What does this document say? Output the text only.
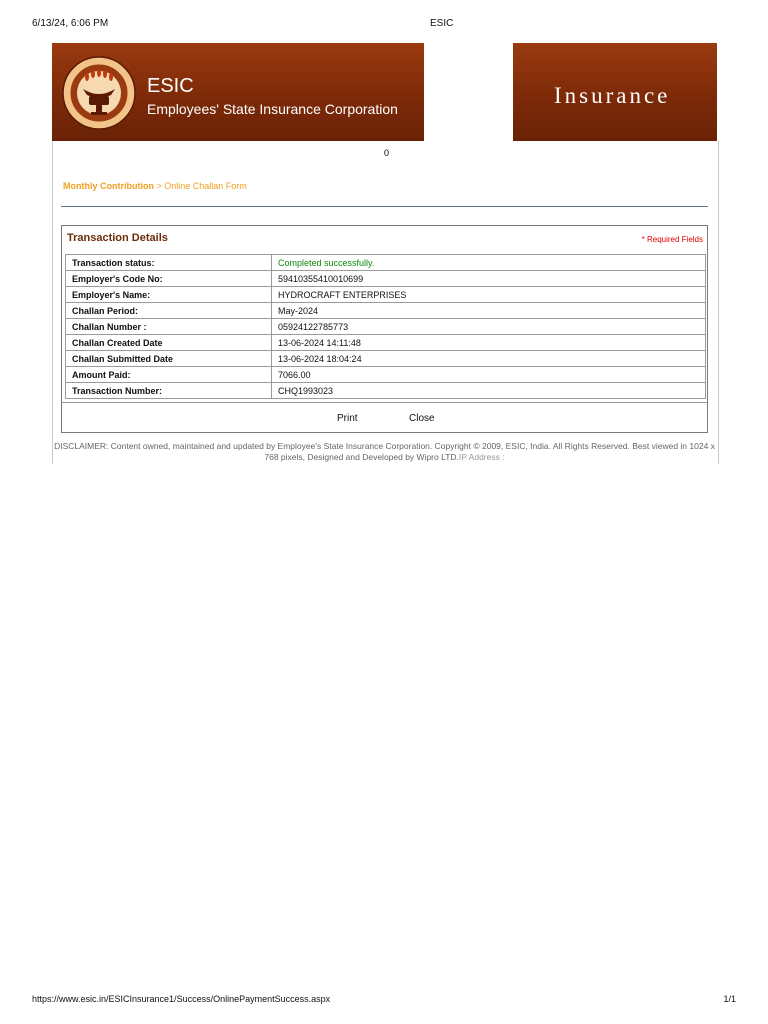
6/13/24, 6:06 PM	ESIC
ESIC
Employees' State Insurance Corporation
Insurance
0
Monthly Contribution > Online Challan Form
Transaction Details	* Required Fields
Transaction status:	Completed successfully.
Employer's Code No:	59410355410010699
Employer's Name:	HYDROCRAFT ENTERPRISES
Challan Period:	May-2024
Challan Number :	05924122785773
Challan Created Date	13-06-2024 14:11:48
Challan Submitted Date	13-06-2024 18:04:24
Amount Paid:	7066.00
Transaction Number:	CHQ1993023
Print	Close
DISCLAIMER: Content owned, maintained and updated by Employee's State Insurance Corporation. Copyright © 2009, ESIC, India. All Rights Reserved. Best viewed in 1024 x 768 pixels, Designed and Developed by Wipro LTD.IP Address :
https://www.esic.in/ESICInsurance1/Success/OnlinePaymentSuccess.aspx	1/1
